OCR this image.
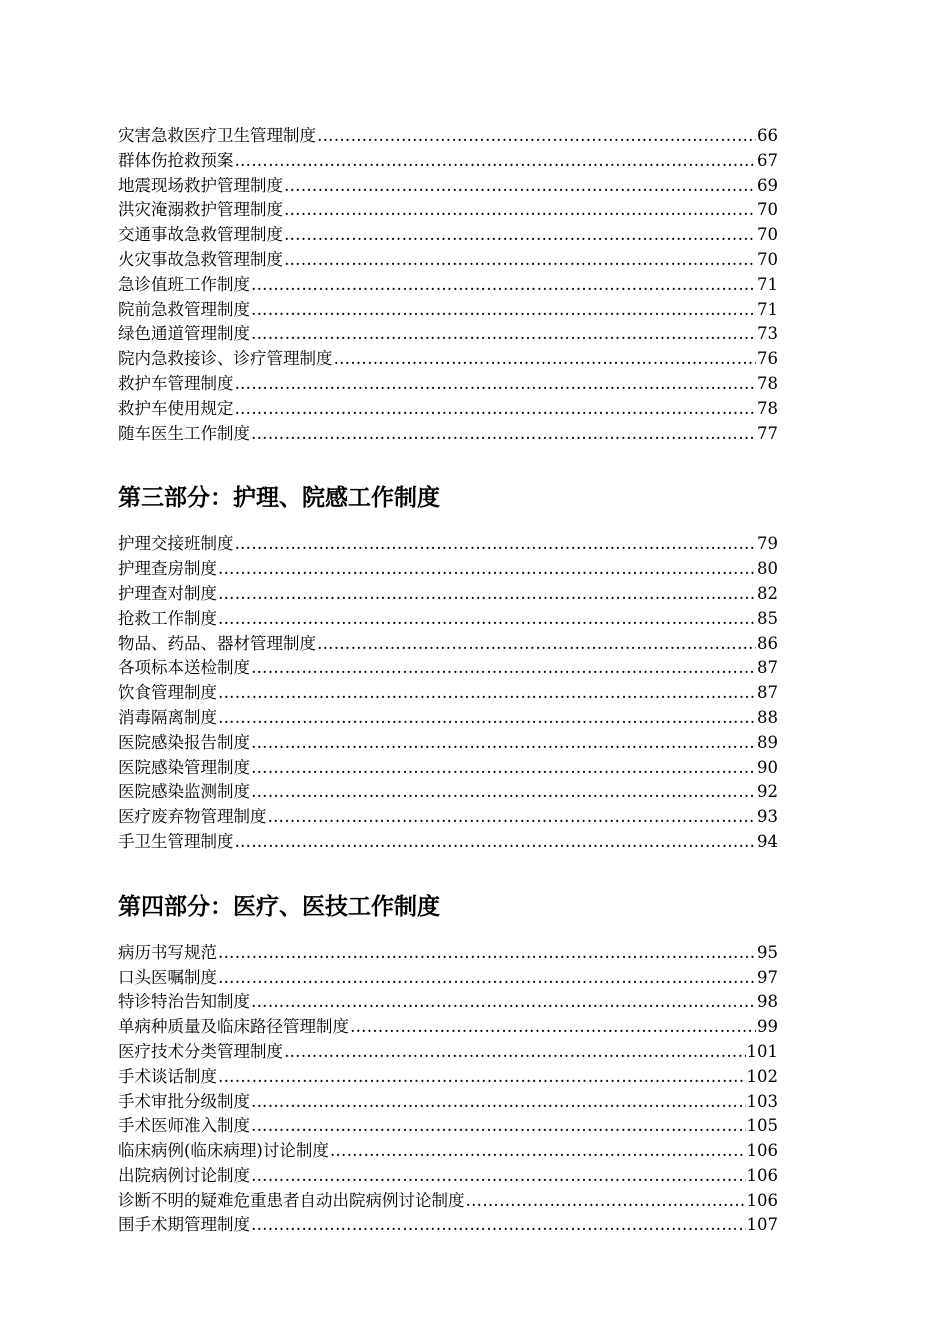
灾害急救医疗卫生管理制度 ……………………………………………………………………………………………………………………………………………………………………………………………………………………………………	66
群体伤抢救预案 ……………………………………………………………………………………………………………………………………………………………………………………………………………………………………	67
地震现场救护管理制度 ……………………………………………………………………………………………………………………………………………………………………………………………………………………………………	69
洪灾淹溺救护管理制度 ……………………………………………………………………………………………………………………………………………………………………………………………………………………………………	70
交通事故急救管理制度 ……………………………………………………………………………………………………………………………………………………………………………………………………………………………………	70
火灾事故急救管理制度 ……………………………………………………………………………………………………………………………………………………………………………………………………………………………………	70
急诊值班工作制度 ……………………………………………………………………………………………………………………………………………………………………………………………………………………………………	71
院前急救管理制度 ……………………………………………………………………………………………………………………………………………………………………………………………………………………………………	71
绿色通道管理制度 ……………………………………………………………………………………………………………………………………………………………………………………………………………………………………	73
院内急救接诊、诊疗管理制度 ……………………………………………………………………………………………………………………………………………………………………………………………………………………………………	76
救护车管理制度 ……………………………………………………………………………………………………………………………………………………………………………………………………………………………………	78
救护车使用规定 ……………………………………………………………………………………………………………………………………………………………………………………………………………………………………	78
随车医生工作制度 ……………………………………………………………………………………………………………………………………………………………………………………………………………………………………	77
第三部分：护理、院感工作制度
护理交接班制度 ……………………………………………………………………………………………………………………………………………………………………………………………………………………………………	79
护理查房制度 ……………………………………………………………………………………………………………………………………………………………………………………………………………………………………	80
护理查对制度 ……………………………………………………………………………………………………………………………………………………………………………………………………………………………………	82
抢救工作制度 ……………………………………………………………………………………………………………………………………………………………………………………………………………………………………	85
物品、药品、器材管理制度 ……………………………………………………………………………………………………………………………………………………………………………………………………………………………………	86
各项标本送检制度 ……………………………………………………………………………………………………………………………………………………………………………………………………………………………………	87
饮食管理制度 ……………………………………………………………………………………………………………………………………………………………………………………………………………………………………	87
消毒隔离制度 ……………………………………………………………………………………………………………………………………………………………………………………………………………………………………	88
医院感染报告制度 ……………………………………………………………………………………………………………………………………………………………………………………………………………………………………	89
医院感染管理制度 ……………………………………………………………………………………………………………………………………………………………………………………………………………………………………	90
医院感染监测制度 ……………………………………………………………………………………………………………………………………………………………………………………………………………………………………	92
医疗废弃物管理制度 ……………………………………………………………………………………………………………………………………………………………………………………………………………………………………	93
手卫生管理制度 ……………………………………………………………………………………………………………………………………………………………………………………………………………………………………	94
第四部分：医疗、医技工作制度
病历书写规范 ……………………………………………………………………………………………………………………………………………………………………………………………………………………………………	95
口头医嘱制度 ……………………………………………………………………………………………………………………………………………………………………………………………………………………………………	97
特诊特治告知制度 ……………………………………………………………………………………………………………………………………………………………………………………………………………………………………	98
单病种质量及临床路径管理制度 ……………………………………………………………………………………………………………………………………………………………………………………………………………………………………	99
医疗技术分类管理制度 ……………………………………………………………………………………………………………………………………………………………………………………………………………………………………	101
手术谈话制度 ……………………………………………………………………………………………………………………………………………………………………………………………………………………………………	102
手术审批分级制度 ……………………………………………………………………………………………………………………………………………………………………………………………………………………………………	103
手术医师准入制度 ……………………………………………………………………………………………………………………………………………………………………………………………………………………………………	105
临床病例(临床病理)讨论制度 ……………………………………………………………………………………………………………………………………………………………………………………………………………………………………	106
出院病例讨论制度 ……………………………………………………………………………………………………………………………………………………………………………………………………………………………………	106
诊断不明的疑难危重患者自动出院病例讨论制度 ……………………………………………………………………………………………………………………………………………………………………………………………………………………………………	106
围手术期管理制度 ……………………………………………………………………………………………………………………………………………………………………………………………………………………………………	107
